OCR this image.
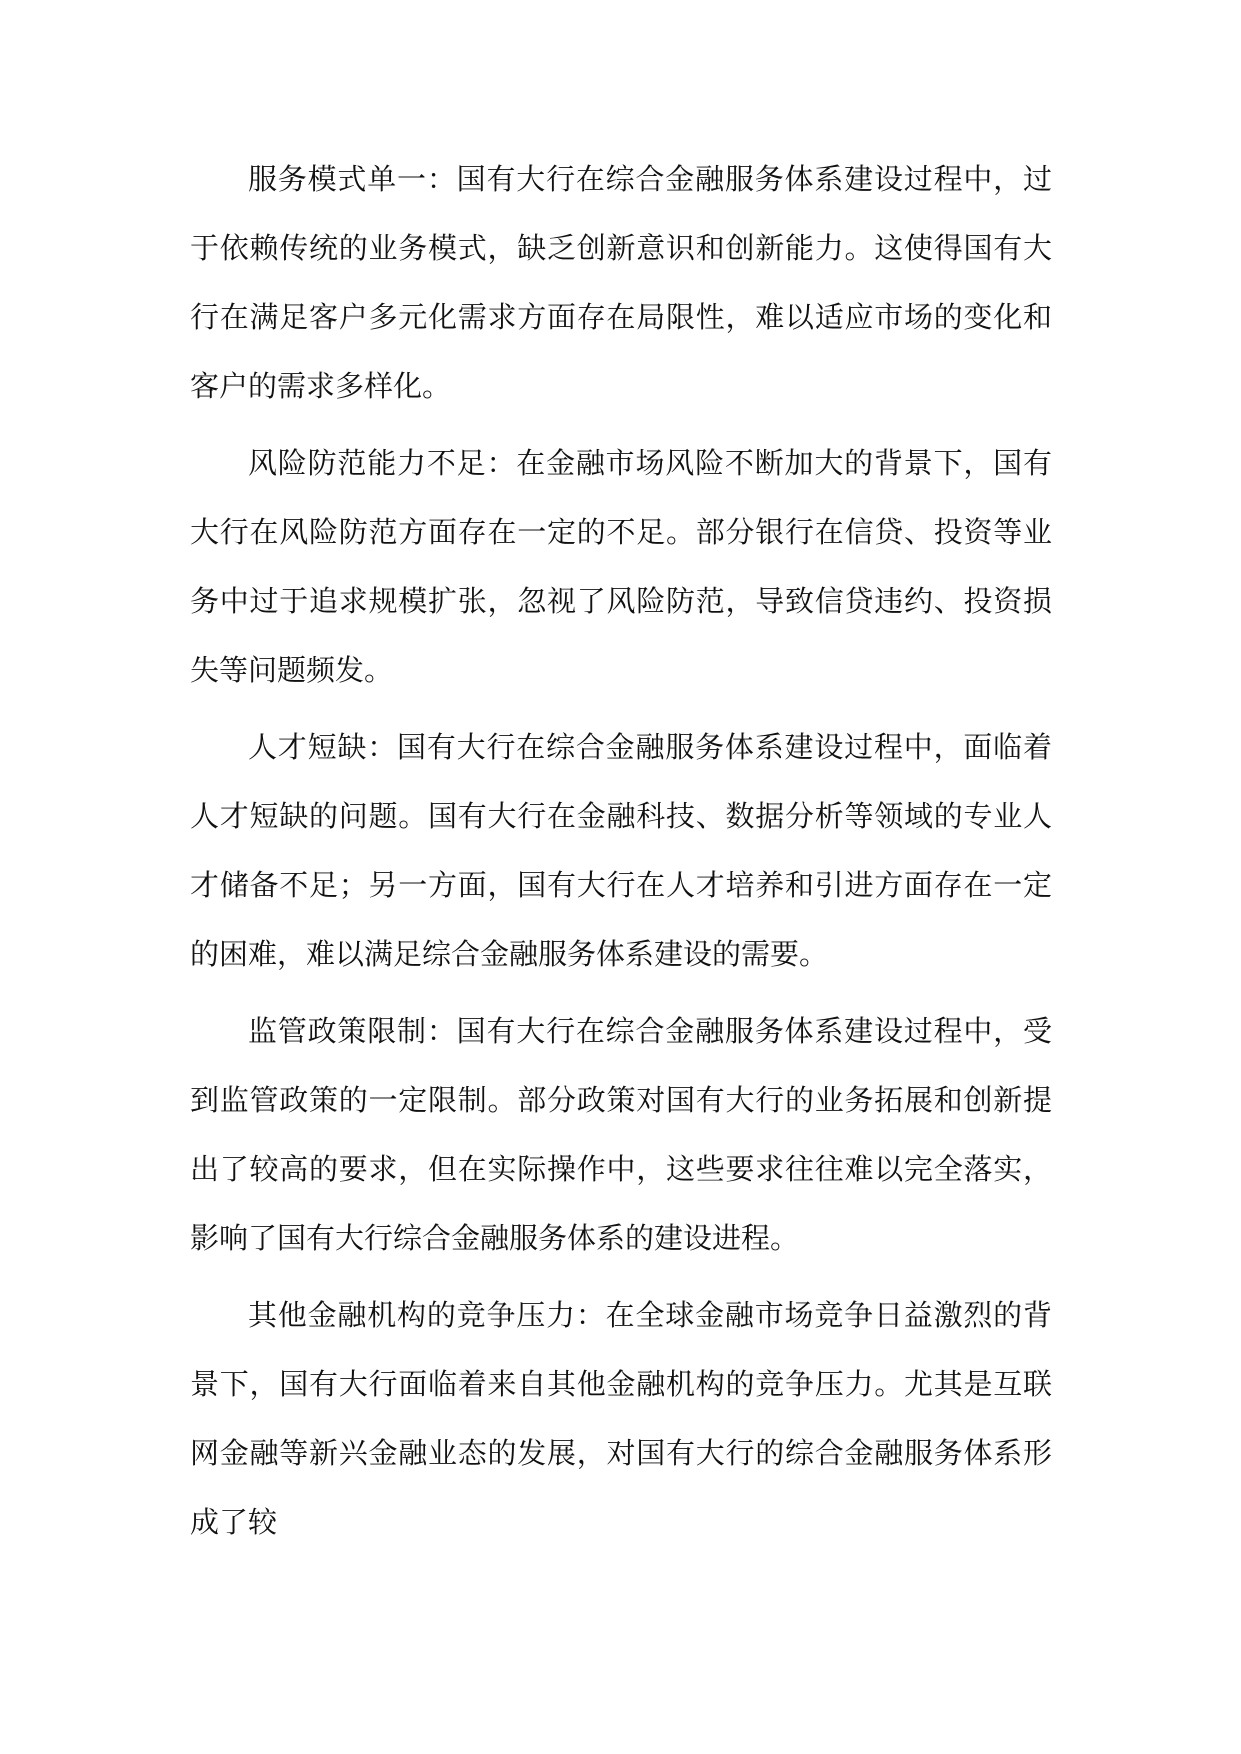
服务模式单一：国有大行在综合金融服务体系建设过程中，过于依赖传统的业务模式，缺乏创新意识和创新能力。这使得国有大行在满足客户多元化需求方面存在局限性，难以适应市场的变化和客户的需求多样化。

风险防范能力不足：在金融市场风险不断加大的背景下，国有大行在风险防范方面存在一定的不足。部分银行在信贷、投资等业务中过于追求规模扩张，忽视了风险防范，导致信贷违约、投资损失等问题频发。

人才短缺：国有大行在综合金融服务体系建设过程中，面临着人才短缺的问题。国有大行在金融科技、数据分析等领域的专业人才储备不足；另一方面，国有大行在人才培养和引进方面存在一定的困难，难以满足综合金融服务体系建设的需要。

监管政策限制：国有大行在综合金融服务体系建设过程中，受到监管政策的一定限制。部分政策对国有大行的业务拓展和创新提出了较高的要求，但在实际操作中，这些要求往往难以完全落实，影响了国有大行综合金融服务体系的建设进程。

其他金融机构的竞争压力：在全球金融市场竞争日益激烈的背景下，国有大行面临着来自其他金融机构的竞争压力。尤其是互联网金融等新兴金融业态的发展，对国有大行的综合金融服务体系形成了较
